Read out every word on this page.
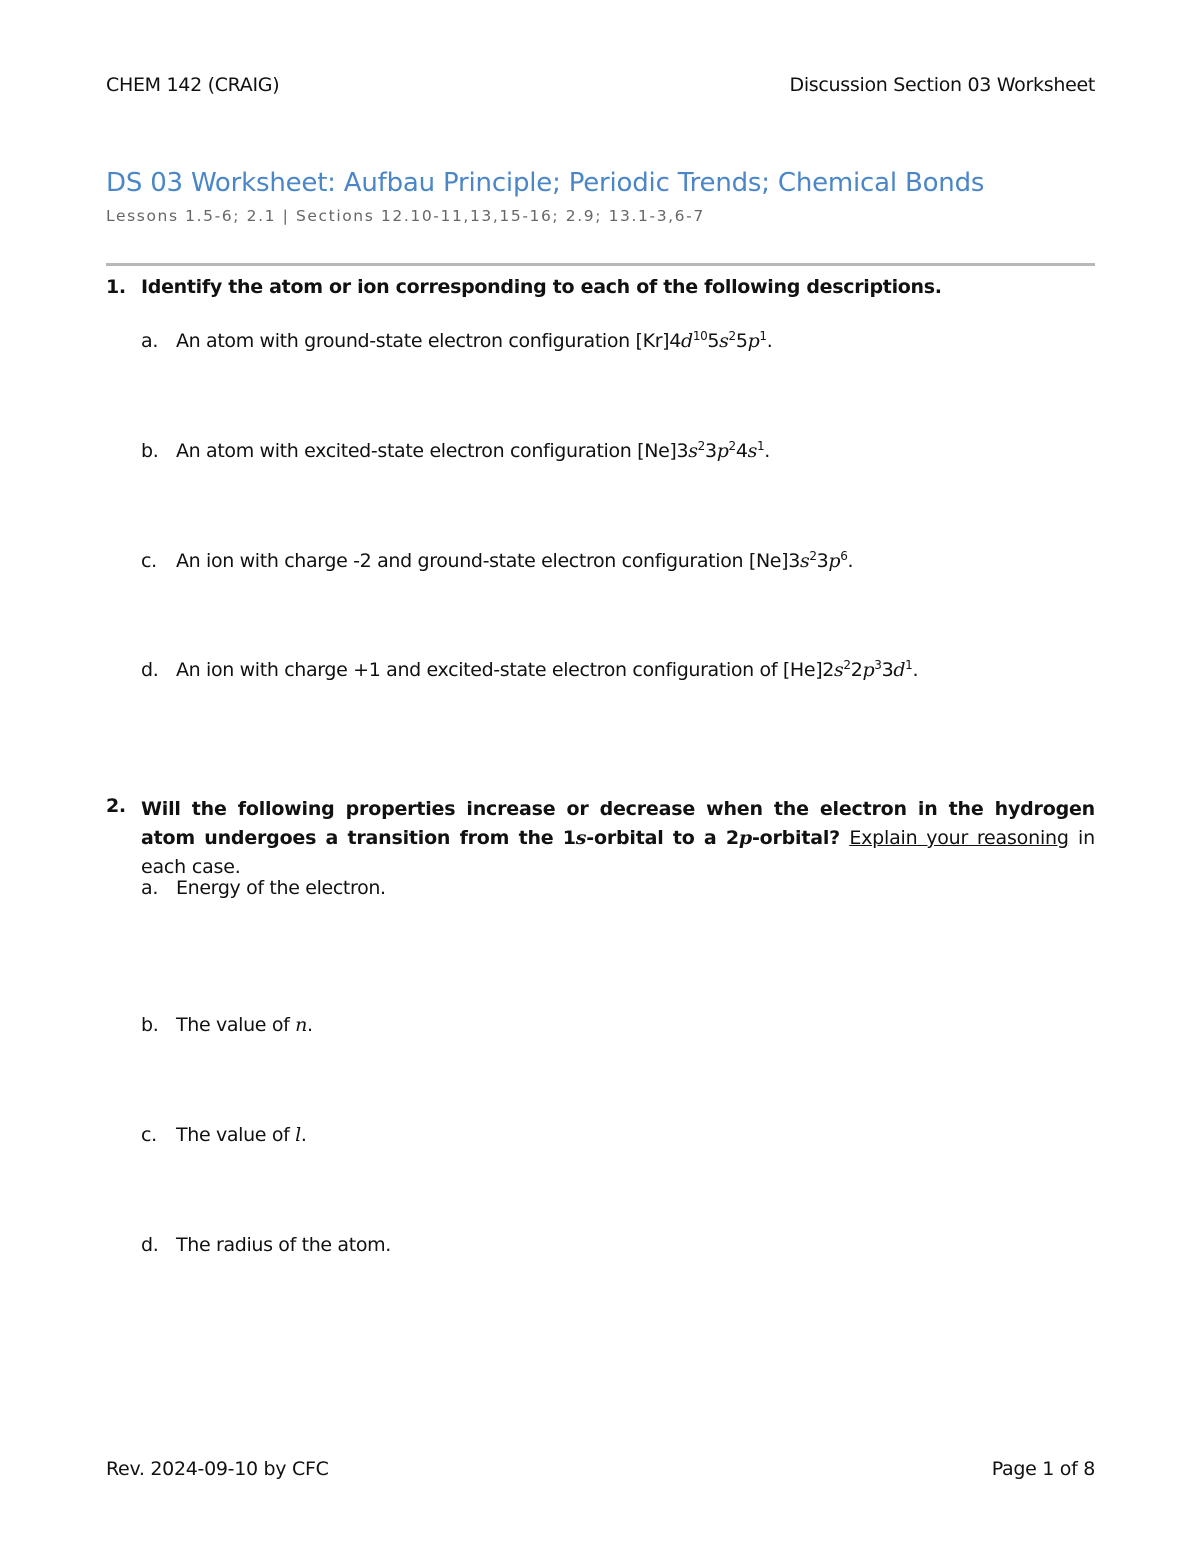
CHEM 142 (CRAIG)	Discussion Section 03 Worksheet
DS 03 Worksheet: Aufbau Principle; Periodic Trends; Chemical Bonds
Lessons 1.5-6; 2.1 | Sections 12.10-11,13,15-16; 2.9; 13.1-3,6-7
1. Identify the atom or ion corresponding to each of the following descriptions.
a. An atom with ground-state electron configuration $[Kr]4d^{10}5s^25p^1$.
b. An atom with excited-state electron configuration $[Ne]3s^23p^24s^1$.
c. An ion with charge -2 and ground-state electron configuration $[Ne]3s^23p^6$.
d. An ion with charge +1 and excited-state electron configuration of $[He]2s^22p^33d^1$.
2. Will the following properties increase or decrease when the electron in the hydrogen atom undergoes a transition from the 1s-orbital to a 2p-orbital? Explain your reasoning in each case.
a. Energy of the electron.
b. The value of n.
c. The value of l.
d. The radius of the atom.
Rev. 2024-09-10 by CFC	Page 1 of 8
